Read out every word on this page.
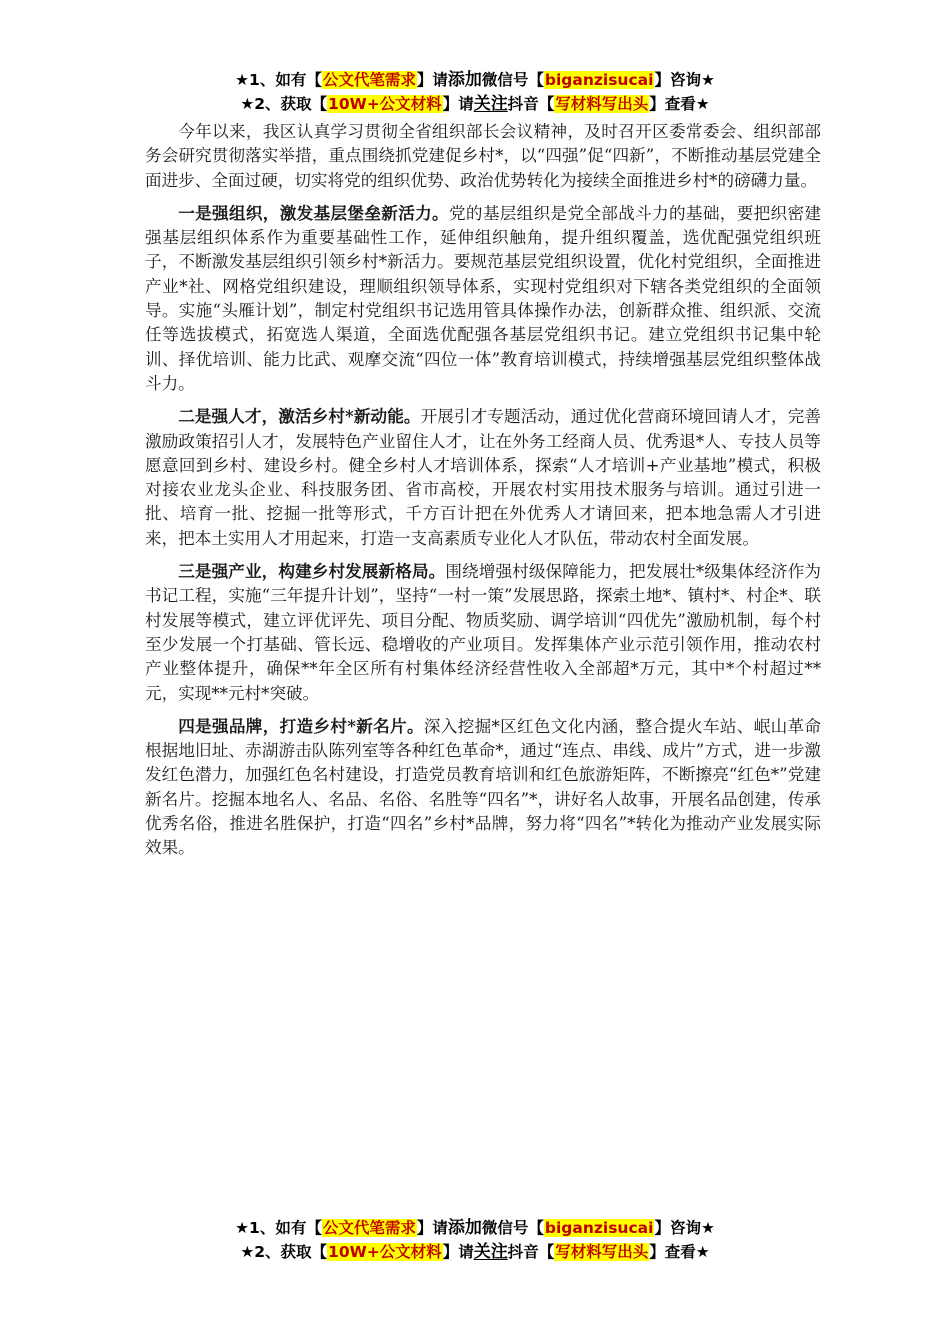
★1、如有【公文代笔需求】请添加微信号【biganzisucai】咨询★
★2、获取【10W+公文材料】请关注抖音【写材料写出头】查看★

今年以来，我区认真学习贯彻全省组织部长会议精神，及时召开区委常委会、组织部部务会研究贯彻落实举措，重点围绕抓党建促乡村*，以“四强”促“四新”，不断推动基层党建全面进步、全面过硬，切实将党的组织优势、政治优势转化为接续全面推进乡村*的磅礴力量。

一是强组织，激发基层堡垒新活力。党的基层组织是党全部战斗力的基础，要把织密建强基层组织体系作为重要基础性工作，延伸组织触角，提升组织覆盖，选优配强党组织班子，不断激发基层组织引领乡村*新活力。要规范基层党组织设置，优化村党组织，全面推进产业*社、网格党组织建设，理顺组织领导体系，实现村党组织对下辖各类党组织的全面领导。实施“头雁计划”，制定村党组织书记选用管具体操作办法，创新群众推、组织派、交流任等选拔模式，拓宽选人渠道，全面选优配强各基层党组织书记。建立党组织书记集中轮训、择优培训、能力比武、观摩交流“四位一体”教育培训模式，持续增强基层党组织整体战斗力。

二是强人才，激活乡村*新动能。开展引才专题活动，通过优化营商环境回请人才，完善激励政策招引人才，发展特色产业留住人才，让在外务工经商人员、优秀退*人、专技人员等愿意回到乡村、建设乡村。健全乡村人才培训体系，探索“人才培训+产业基地”模式，积极对接农业龙头企业、科技服务团、省市高校，开展农村实用技术服务与培训。通过引进一批、培育一批、挖掘一批等形式，千方百计把在外优秀人才请回来，把本地急需人才引进来，把本土实用人才用起来，打造一支高素质专业化人才队伍，带动农村全面发展。

三是强产业，构建乡村发展新格局。围绕增强村级保障能力，把发展壮*级集体经济作为书记工程，实施“三年提升计划”，坚持“一村一策”发展思路，探索土地*、镇村*、村企*、联村发展等模式，建立评优评先、项目分配、物质奖励、调学培训“四优先”激励机制，每个村至少发展一个打基础、管长远、稳增收的产业项目。发挥集体产业示范引领作用，推动农村产业整体提升，确保**年全区所有村集体经济经营性收入全部超*万元，其中*个村超过**元，实现**元村*突破。

四是强品牌，打造乡村*新名片。深入挖掘*区红色文化内涵，整合提火车站、岷山革命根据地旧址、赤湖游击队陈列室等各种红色革命*，通过“连点、串线、成片”方式，进一步激发红色潜力，加强红色名村建设，打造党员教育培训和红色旅游矩阵，不断擦亮“红色*”党建新名片。挖掘本地名人、名品、名俗、名胜等“四名”*，讲好名人故事，开展名品创建，传承优秀名俗，推进名胜保护，打造“四名”乡村*品牌，努力将“四名”*转化为推动产业发展实际效果。

★1、如有【公文代笔需求】请添加微信号【biganzisucai】咨询★
★2、获取【10W+公文材料】请关注抖音【写材料写出头】查看★
